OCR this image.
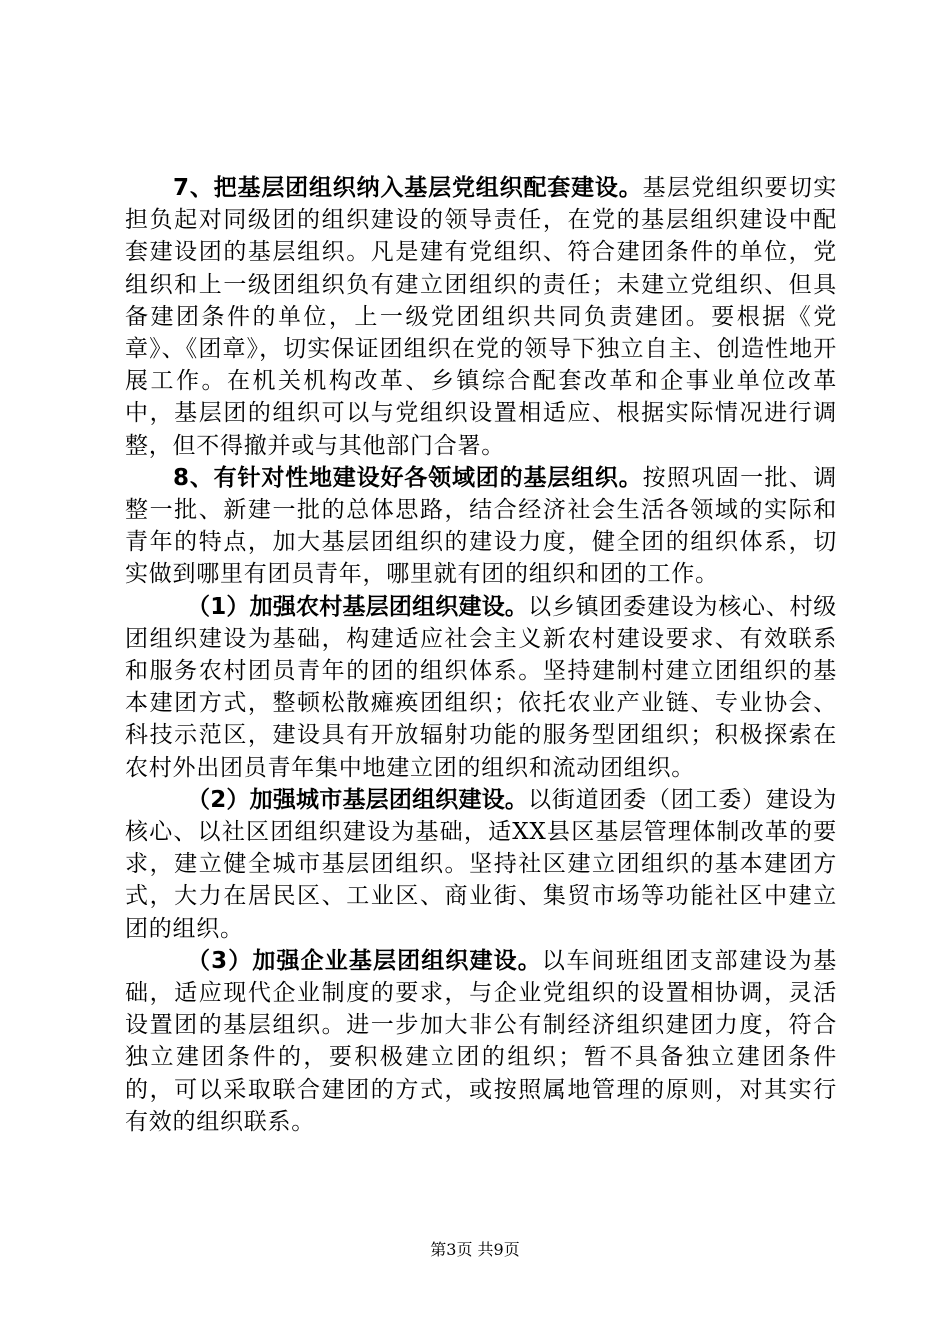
7、把基层团组织纳入基层党组织配套建设。基层党组织要切实担负起对同级团的组织建设的领导责任，在党的基层组织建设中配套建设团的基层组织。凡是建有党组织、符合建团条件的单位，党组织和上一级团组织负有建立团组织的责任；未建立党组织、但具备建团条件的单位，上一级党团组织共同负责建团。要根据《党章》、《团章》，切实保证团组织在党的领导下独立自主、创造性地开展工作。在机关机构改革、乡镇综合配套改革和企事业单位改革中，基层团的组织可以与党组织设置相适应、根据实际情况进行调整，但不得撤并或与其他部门合署。

8、有针对性地建设好各领域团的基层组织。按照巩固一批、调整一批、新建一批的总体思路，结合经济社会生活各领域的实际和青年的特点，加大基层团组织的建设力度，健全团的组织体系，切实做到哪里有团员青年，哪里就有团的组织和团的工作。

（1）加强农村基层团组织建设。以乡镇团委建设为核心、村级团组织建设为基础，构建适应社会主义新农村建设要求、有效联系和服务农村团员青年的团的组织体系。坚持建制村建立团组织的基本建团方式，整顿松散瘫痪团组织；依托农业产业链、专业协会、科技示范区，建设具有开放辐射功能的服务型团组织；积极探索在农村外出团员青年集中地建立团的组织和流动团组织。

（2）加强城市基层团组织建设。以街道团委（团工委）建设为核心、以社区团组织建设为基础，适XX县区基层管理体制改革的要求，建立健全城市基层团组织。坚持社区建立团组织的基本建团方式，大力在居民区、工业区、商业街、集贸市场等功能社区中建立团的组织。

（3）加强企业基层团组织建设。以车间班组团支部建设为基础，适应现代企业制度的要求，与企业党组织的设置相协调，灵活设置团的基层组织。进一步加大非公有制经济组织建团力度，符合独立建团条件的，要积极建立团的组织；暂不具备独立建团条件的，可以采取联合建团的方式，或按照属地管理的原则，对其实行有效的组织联系。

第3页 共9页
